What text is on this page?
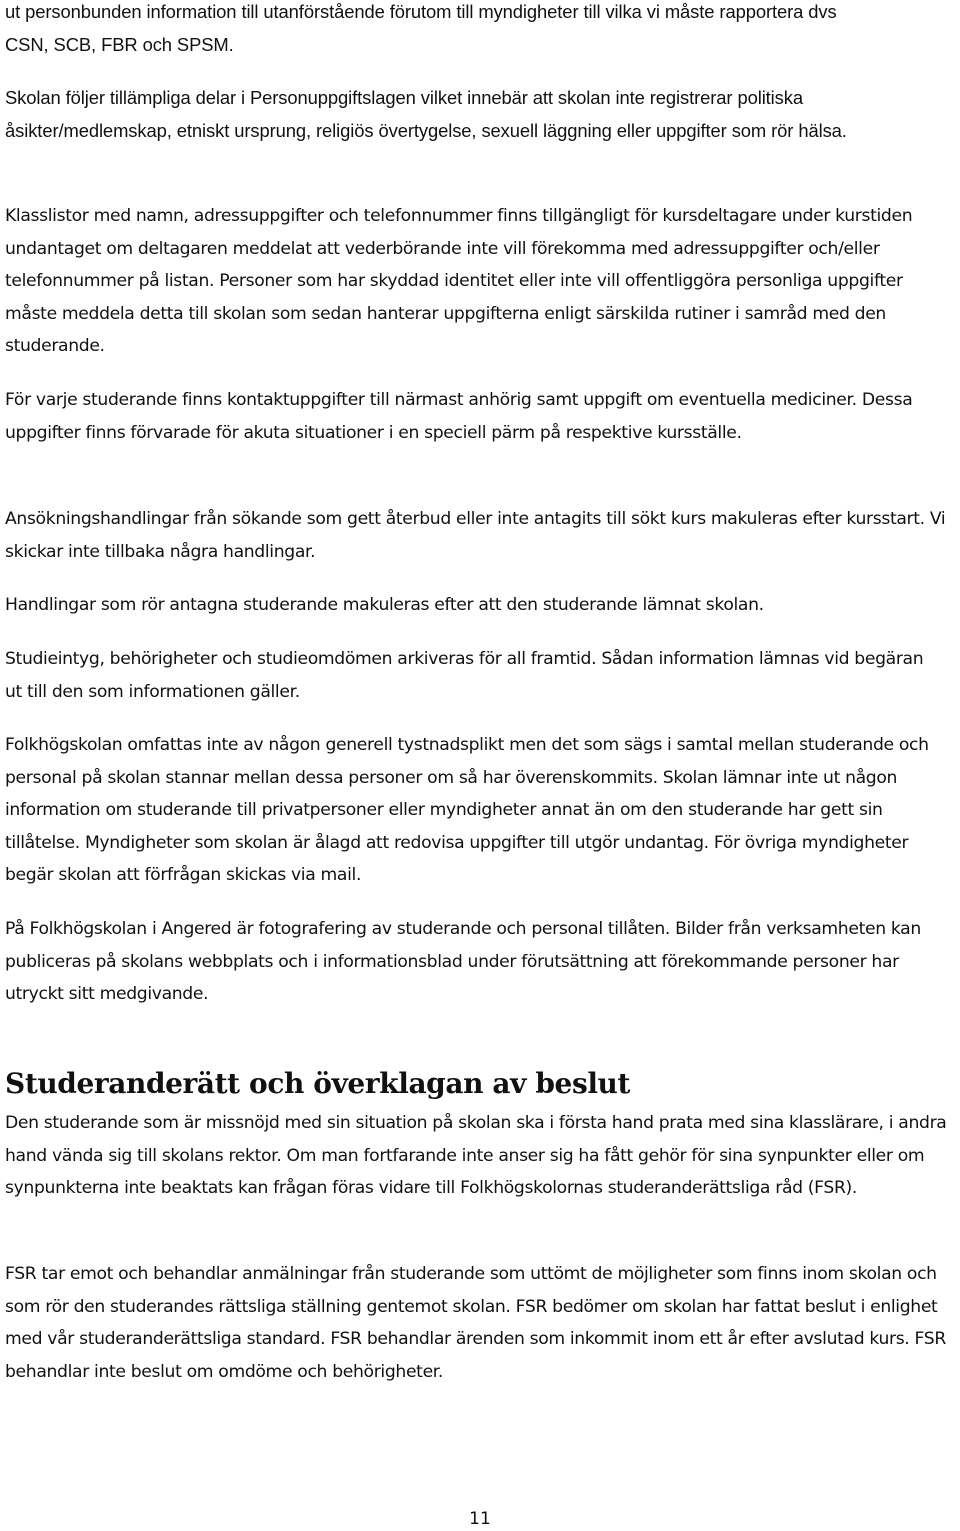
ut personbunden information till utanförstående förutom till myndigheter till vilka vi måste rapportera dvs CSN, SCB, FBR och SPSM.

Skolan följer tillämpliga delar i Personuppgiftslagen vilket innebär att skolan inte registrerar politiska åsikter/medlemskap, etniskt ursprung, religiös övertygelse, sexuell läggning eller uppgifter som rör hälsa.

Klasslistor med namn, adressuppgifter och telefonnummer finns tillgängligt för kursdeltagare under kurstiden undantaget om deltagaren meddelat att vederbörande inte vill förekomma med adressuppgifter och/eller telefonnummer på listan. Personer som har skyddad identitet eller inte vill offentliggöra personliga uppgifter måste meddela detta till skolan som sedan hanterar uppgifterna enligt särskilda rutiner i samråd med den studerande.

För varje studerande finns kontaktuppgifter till närmast anhörig samt uppgift om eventuella mediciner. Dessa uppgifter finns förvarade för akuta situationer i en speciell pärm på respektive kursställe.

Ansökningshandlingar från sökande som gett återbud eller inte antagits till sökt kurs makuleras efter kursstart. Vi skickar inte tillbaka några handlingar.

Handlingar som rör antagna studerande makuleras efter att den studerande lämnat skolan.

Studieintyg, behörigheter och studieomdömen arkiveras för all framtid. Sådan information lämnas vid begäran ut till den som informationen gäller.

Folkhögskolan omfattas inte av någon generell tystnadsplikt men det som sägs i samtal mellan studerande och personal på skolan stannar mellan dessa personer om så har överenskommits. Skolan lämnar inte ut någon information om studerande till privatpersoner eller myndigheter annat än om den studerande har gett sin tillåtelse. Myndigheter som skolan är ålagd att redovisa uppgifter till utgör undantag. För övriga myndigheter begär skolan att förfrågan skickas via mail.

På Folkhögskolan i Angered är fotografering av studerande och personal tillåten. Bilder från verksamheten kan publiceras på skolans webbplats och i informationsblad under förutsättning att förekommande personer har utryckt sitt medgivande.

Studeranderätt och överklagan av beslut

Den studerande som är missnöjd med sin situation på skolan ska i första hand prata med sina klasslärare, i andra hand vända sig till skolans rektor. Om man fortfarande inte anser sig ha fått gehör för sina synpunkter eller om synpunkterna inte beaktats kan frågan föras vidare till Folkhögskolornas studeranderättsliga råd (FSR).

FSR tar emot och behandlar anmälningar från studerande som uttömt de möjligheter som finns inom skolan och som rör den studerandes rättsliga ställning gentemot skolan. FSR bedömer om skolan har fattat beslut i enlighet med vår studeranderättsliga standard. FSR behandlar ärenden som inkommit inom ett år efter avslutad kurs. FSR behandlar inte beslut om omdöme och behörigheter.

11
